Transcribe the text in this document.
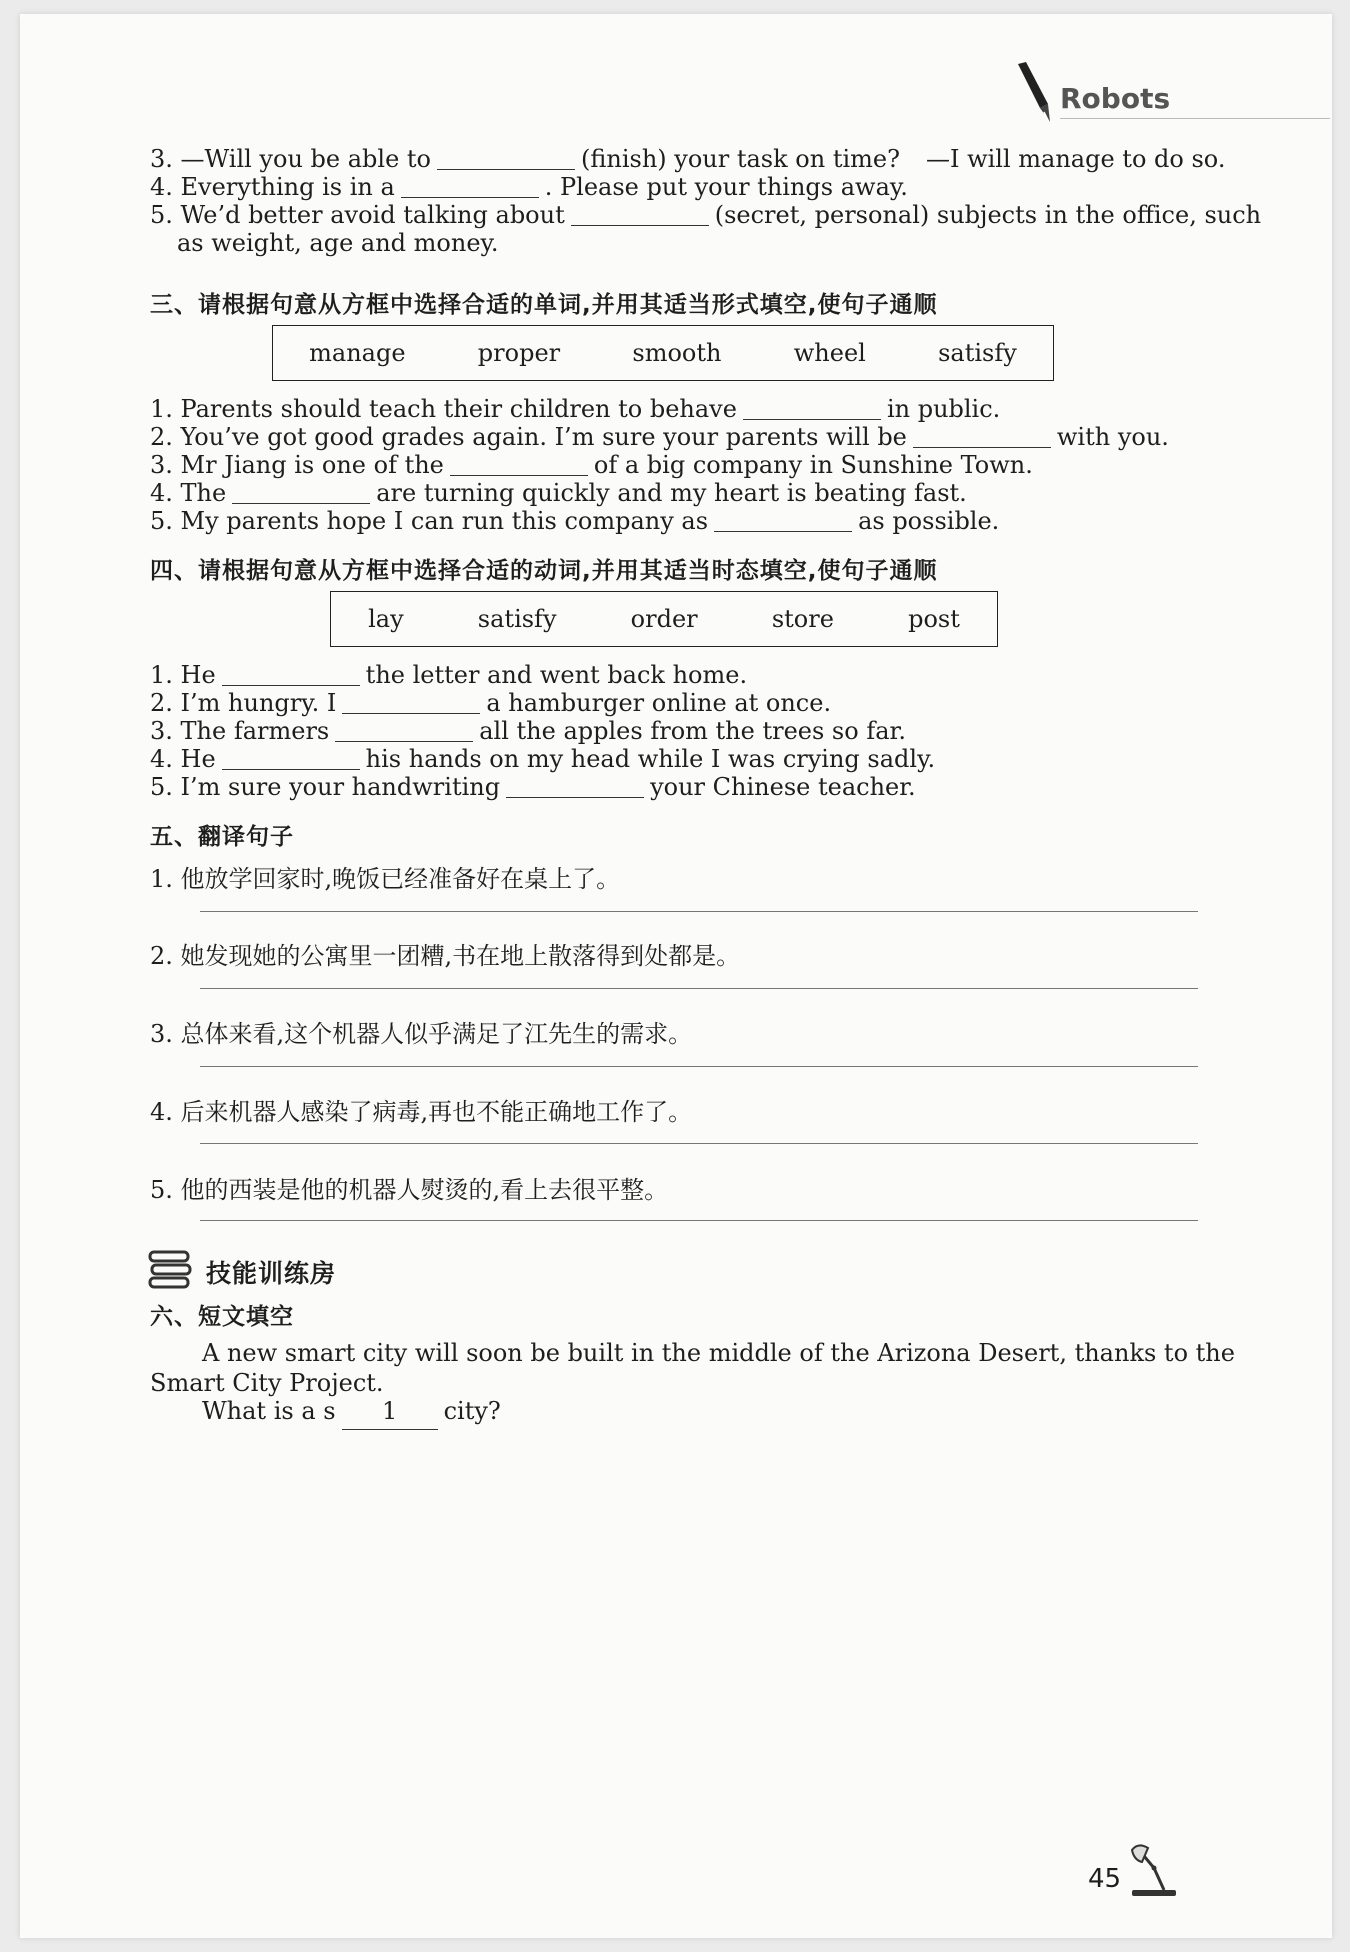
Robots
3. —Will you be able to	(finish) your task on time? —I will manage to do so.
4. Everything is in a	. Please put your things away.
5. We’d better avoid talking about	(secret, personal) subjects in the office, such
as weight, age and money.
三、请根据句意从方框中选择合适的单词,并用其适当形式填空,使句子通顺
manage	proper	smooth	wheel	satisfy
1. Parents should teach their children to behave	in public.
2. You’ve got good grades again. I’m sure your parents will be	with you.
3. Mr Jiang is one of the	of a big company in Sunshine Town.
4. The	are turning quickly and my heart is beating fast.
5. My parents hope I can run this company as	as possible.
四、请根据句意从方框中选择合适的动词,并用其适当时态填空,使句子通顺
lay	satisfy	order	store	post
1. He	the letter and went back home.
2. I’m hungry. I	a hamburger online at once.
3. The farmers	all the apples from the trees so far.
4. He	his hands on my head while I was crying sadly.
5. I’m sure your handwriting	your Chinese teacher.
五、翻译句子
1. 他放学回家时,晚饭已经准备好在桌上了。
2. 她发现她的公寓里一团糟,书在地上散落得到处都是。
3. 总体来看,这个机器人似乎满足了江先生的需求。
4. 后来机器人感染了病毒,再也不能正确地工作了。
5. 他的西装是他的机器人熨烫的,看上去很平整。
技能训练房
六、短文填空
A new smart city will soon be built in the middle of the Arizona Desert, thanks to the
Smart City Project.
What is a s 1 city?
45
